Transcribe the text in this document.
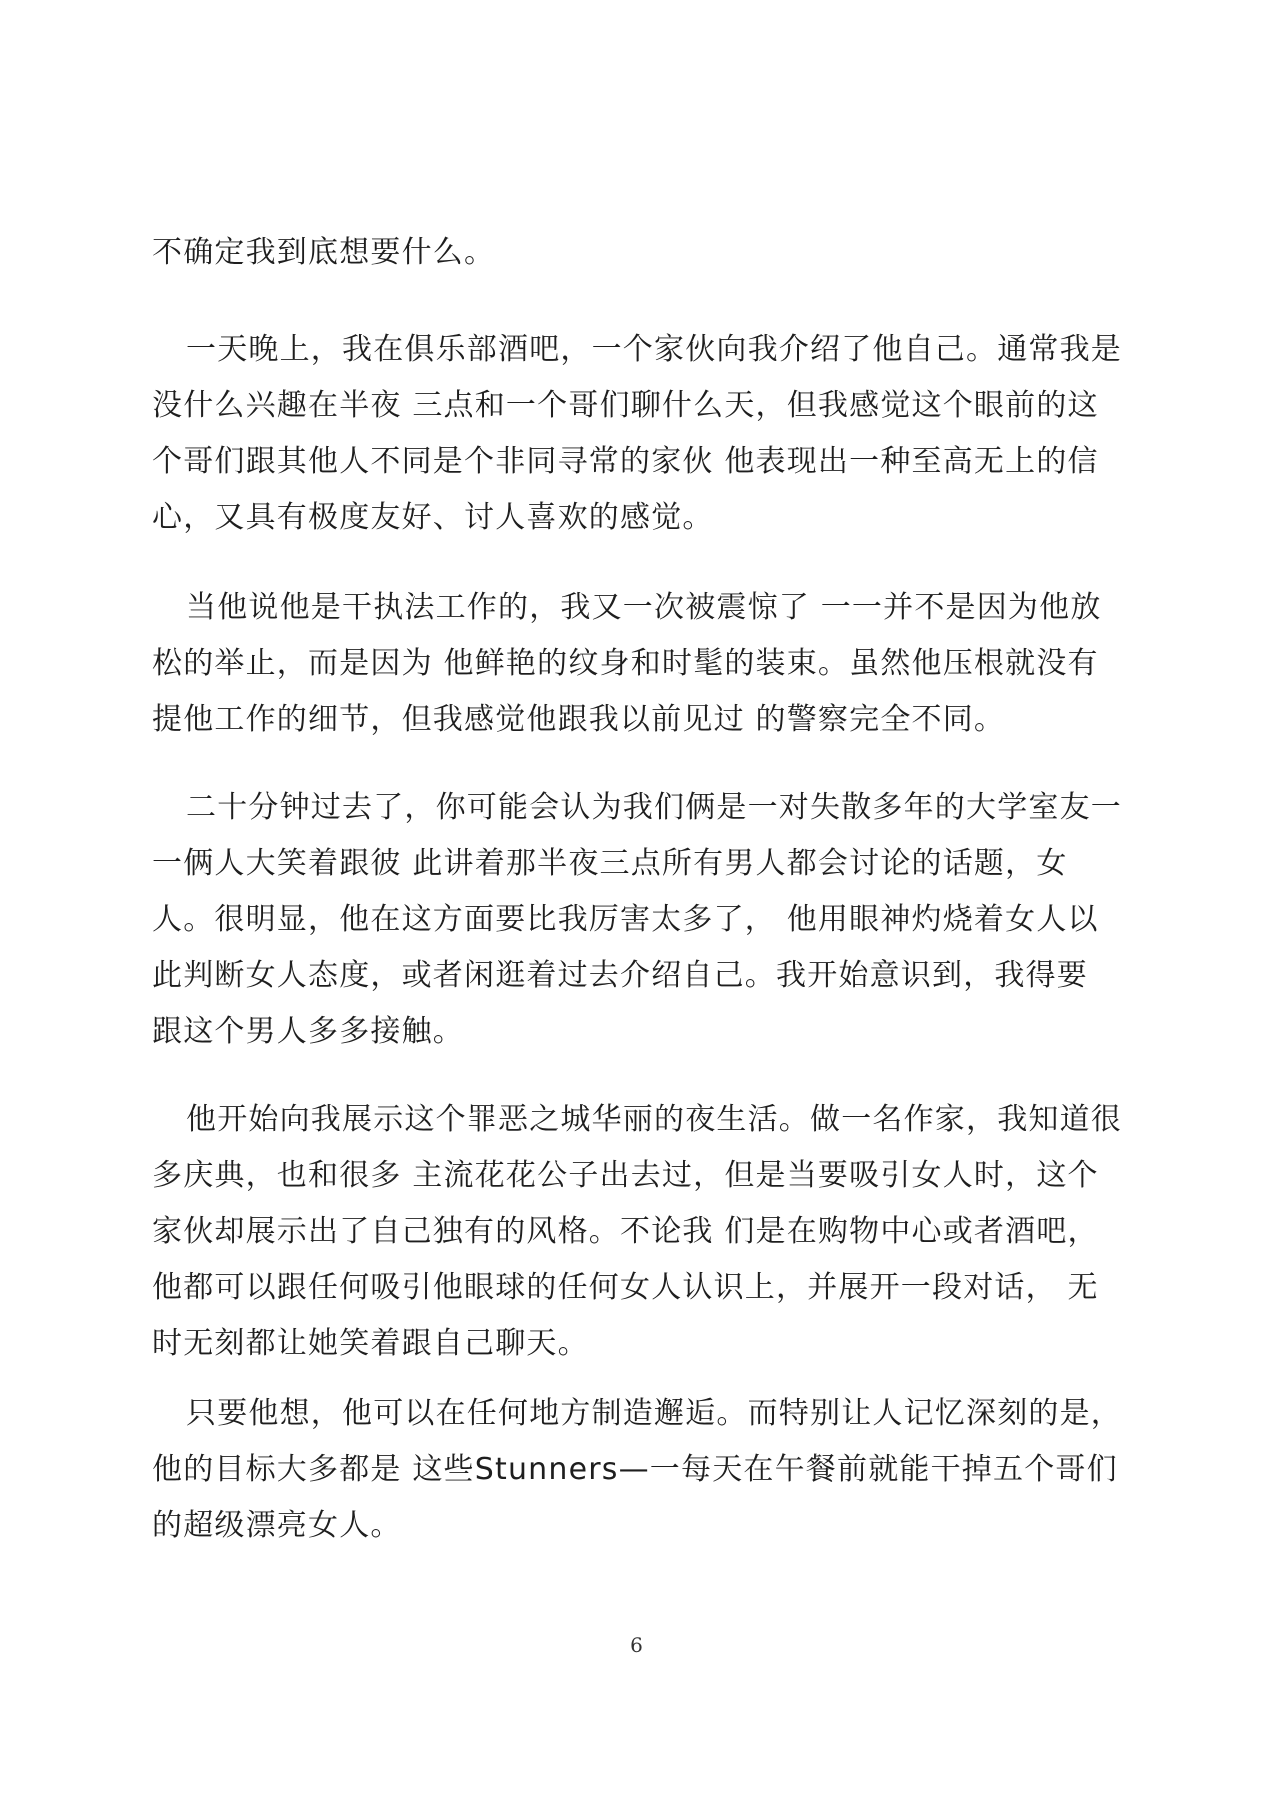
不确定我到底想要什么。
一天晚上，我在俱乐部酒吧，一个家伙向我介绍了他自己。通常我是
没什么兴趣在半夜 三点和一个哥们聊什么天，但我感觉这个眼前的这
个哥们跟其他人不同是个非同寻常的家伙 他表现出一种至高无上的信
心，又具有极度友好、讨人喜欢的感觉。
当他说他是干执法工作的，我又一次被震惊了 一一并不是因为他放
松的举止，而是因为 他鲜艳的纹身和时髦的装束。虽然他压根就没有
提他工作的细节，但我感觉他跟我以前见过 的警察完全不同。
二十分钟过去了，你可能会认为我们俩是一对失散多年的大学室友一
一俩人大笑着跟彼 此讲着那半夜三点所有男人都会讨论的话题，女
人。很明显，他在这方面要比我厉害太多了， 他用眼神灼烧着女人以
此判断女人态度，或者闲逛着过去介绍自己。我开始意识到，我得要
跟这个男人多多接触。
他开始向我展示这个罪恶之城华丽的夜生活。做一名作家，我知道很
多庆典，也和很多 主流花花公子出去过，但是当要吸引女人时，这个
家伙却展示出了自己独有的风格。不论我 们是在购物中心或者酒吧，
他都可以跟任何吸引他眼球的任何女人认识上，并展开一段对话， 无
时无刻都让她笑着跟自己聊天。
只要他想，他可以在任何地方制造邂逅。而特别让人记忆深刻的是，
他的目标大多都是 这些Stunners—一每天在午餐前就能干掉五个哥们
的超级漂亮女人。
6
